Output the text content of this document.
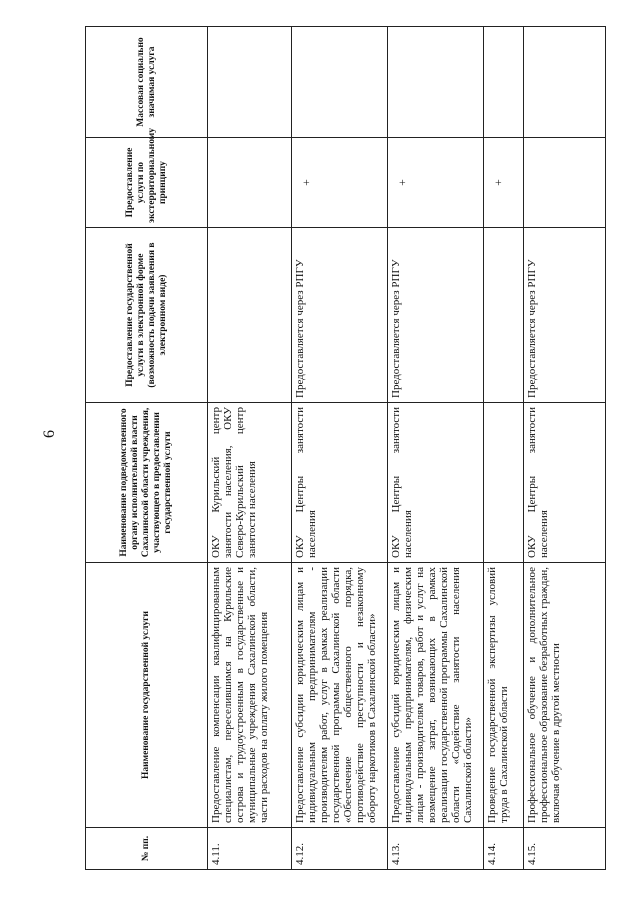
6
№ пп.	Наименование государственной услуги	Наименование подведомственного органу исполнительной власти Сахалинской области учреждения, участвующего в предоставлении государственной услуги	Предоставление государственной услуги в электронной форме (возможность подачи заявления в электронном виде)	Предоставление услуги по экстерриториальному принципу	Массовая социально значимая услуга
4.11.	Предоставление компенсации квалифицированным специалистам, переселившимся на Курильские острова и трудоустроенным в государственные и муниципальные учреждения Сахалинской области, части расходов на оплату жилого помещения	ОКУ Курильский центр занятости населения, ОКУ Северо-Курильский центр занятости населения			
4.12.	Предоставление субсидии юридическим лицам и индивидуальным предпринимателям - производителям работ, услуг в рамках реализации государственной программы Сахалинской области «Обеспечение общественного порядка, противодействие преступности и незаконному обороту наркотиков в Сахалинской области»	ОКУ Центры занятости населения	Предоставляется через РПГУ	+	
4.13.	Предоставление субсидий юридическим лицам и индивидуальным предпринимателям, физическим лицам - производителям товаров, работ и услуг на возмещение затрат, возникающих в рамках реализации государственной программы Сахалинской области «Содействие занятости населения Сахалинской области»	ОКУ Центры занятости населения	Предоставляется через РПГУ	+	
4.14.	Проведение государственной экспертизы условий труда в Сахалинской области			+	
4.15.	Профессиональное обучение и дополнительное профессиональное образование безработных граждан, включая обучение в другой местности	ОКУ Центры занятости населения	Предоставляется через РПГУ		
